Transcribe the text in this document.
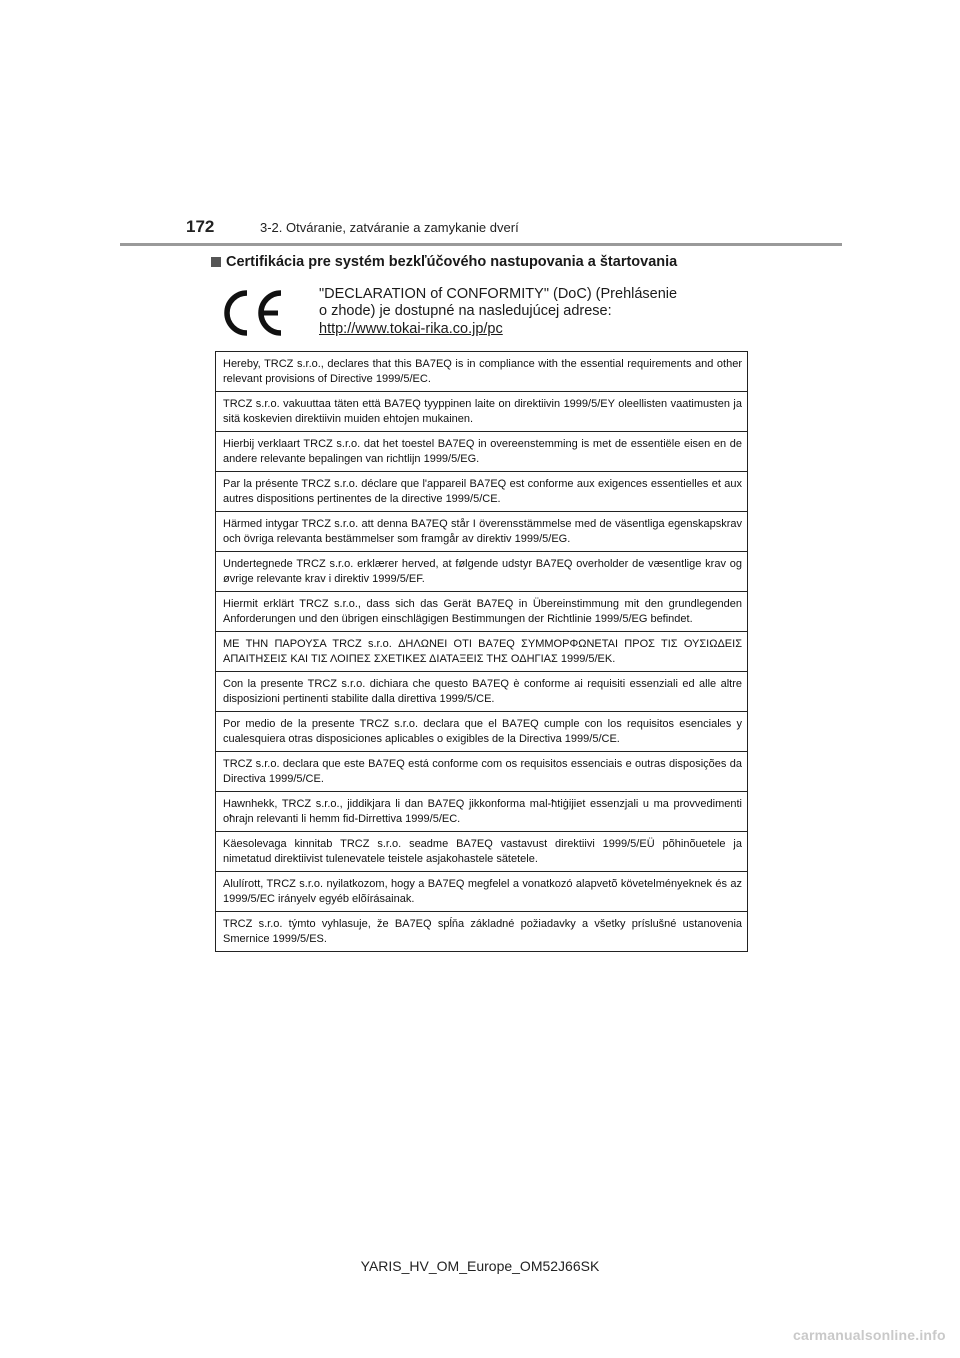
172	3-2. Otváranie, zatváranie a zamykanie dverí
Certifikácia pre systém bezkľúčového nastupovania a štartovania
"DECLARATION of CONFORMITY" (DoC) (Prehlásenie
o zhode) je dostupné na nasledujúcej adrese:
http://www.tokai-rika.co.jp/pc
Hereby, TRCZ s.r.o., declares that this BA7EQ is in compliance with the essential requirements and other relevant provisions of Directive 1999/5/EC.
TRCZ s.r.o. vakuuttaa täten että BA7EQ tyyppinen laite on direktiivin 1999/5/EY oleellisten vaatimusten ja sitä koskevien direktiivin muiden ehtojen mukainen.
Hierbij verklaart TRCZ s.r.o. dat het toestel BA7EQ in overeenstemming is met de essentiële eisen en de andere relevante bepalingen van richtlijn 1999/5/EG.
Par la présente TRCZ s.r.o. déclare que l'appareil BA7EQ est conforme aux exigences essentielles et aux autres dispositions pertinentes de la directive 1999/5/CE.
Härmed intygar TRCZ s.r.o. att denna BA7EQ står I överensstämmelse med de väsentliga egenskapskrav och övriga relevanta bestämmelser som framgår av direktiv 1999/5/EG.
Undertegnede TRCZ s.r.o. erklærer herved, at følgende udstyr BA7EQ overholder de væsentlige krav og øvrige relevante krav i direktiv 1999/5/EF.
Hiermit erklärt TRCZ s.r.o., dass sich das Gerät BA7EQ in Übereinstimmung mit den grundlegenden Anforderungen und den übrigen einschlägigen Bestimmungen der Richtlinie 1999/5/EG befindet.
ΜΕ ΤΗΝ ΠΑΡΟΥΣΑ TRCZ s.r.o. ΔΗΛΩΝΕΙ ΟΤΙ BA7EQ ΣΥΜΜΟΡΦΩΝΕΤΑΙ ΠΡΟΣ ΤΙΣ ΟΥΣΙΩΔΕΙΣ ΑΠΑΙΤΗΣΕΙΣ ΚΑΙ ΤΙΣ ΛΟΙΠΕΣ ΣΧΕΤΙΚΕΣ ΔΙΑΤΑΞΕΙΣ ΤΗΣ ΟΔΗΓΙΑΣ 1999/5/ΕΚ.
Con la presente TRCZ s.r.o. dichiara che questo BA7EQ è conforme ai requisiti essenziali ed alle altre disposizioni pertinenti stabilite dalla direttiva 1999/5/CE.
Por medio de la presente TRCZ s.r.o. declara que el BA7EQ cumple con los requisitos esenciales y cualesquiera otras disposiciones aplicables o exigibles de la Directiva 1999/5/CE.
TRCZ s.r.o. declara que este BA7EQ está conforme com os requisitos essenciais e outras disposições da Directiva 1999/5/CE.
Hawnhekk, TRCZ s.r.o., jiddikjara li dan BA7EQ jikkonforma mal-ħtiġijiet essenzjali u ma provvedimenti oħrajn relevanti li hemm fid-Dirrettiva 1999/5/EC.
Käesolevaga kinnitab TRCZ s.r.o. seadme BA7EQ vastavust direktiivi 1999/5/EÜ põhinõuetele ja nimetatud direktiivist tulenevatele teistele asjakohastele sätetele.
Alulírott, TRCZ s.r.o. nyilatkozom, hogy a BA7EQ megfelel a vonatkozó alapvetõ követelményeknek és az 1999/5/EC irányelv egyéb elõírásainak.
TRCZ s.r.o. týmto vyhlasuje, že BA7EQ spĺňa základné požiadavky a všetky príslušné ustanovenia Smernice 1999/5/ES.
YARIS_HV_OM_Europe_OM52J66SK
carmanualsonline.info
